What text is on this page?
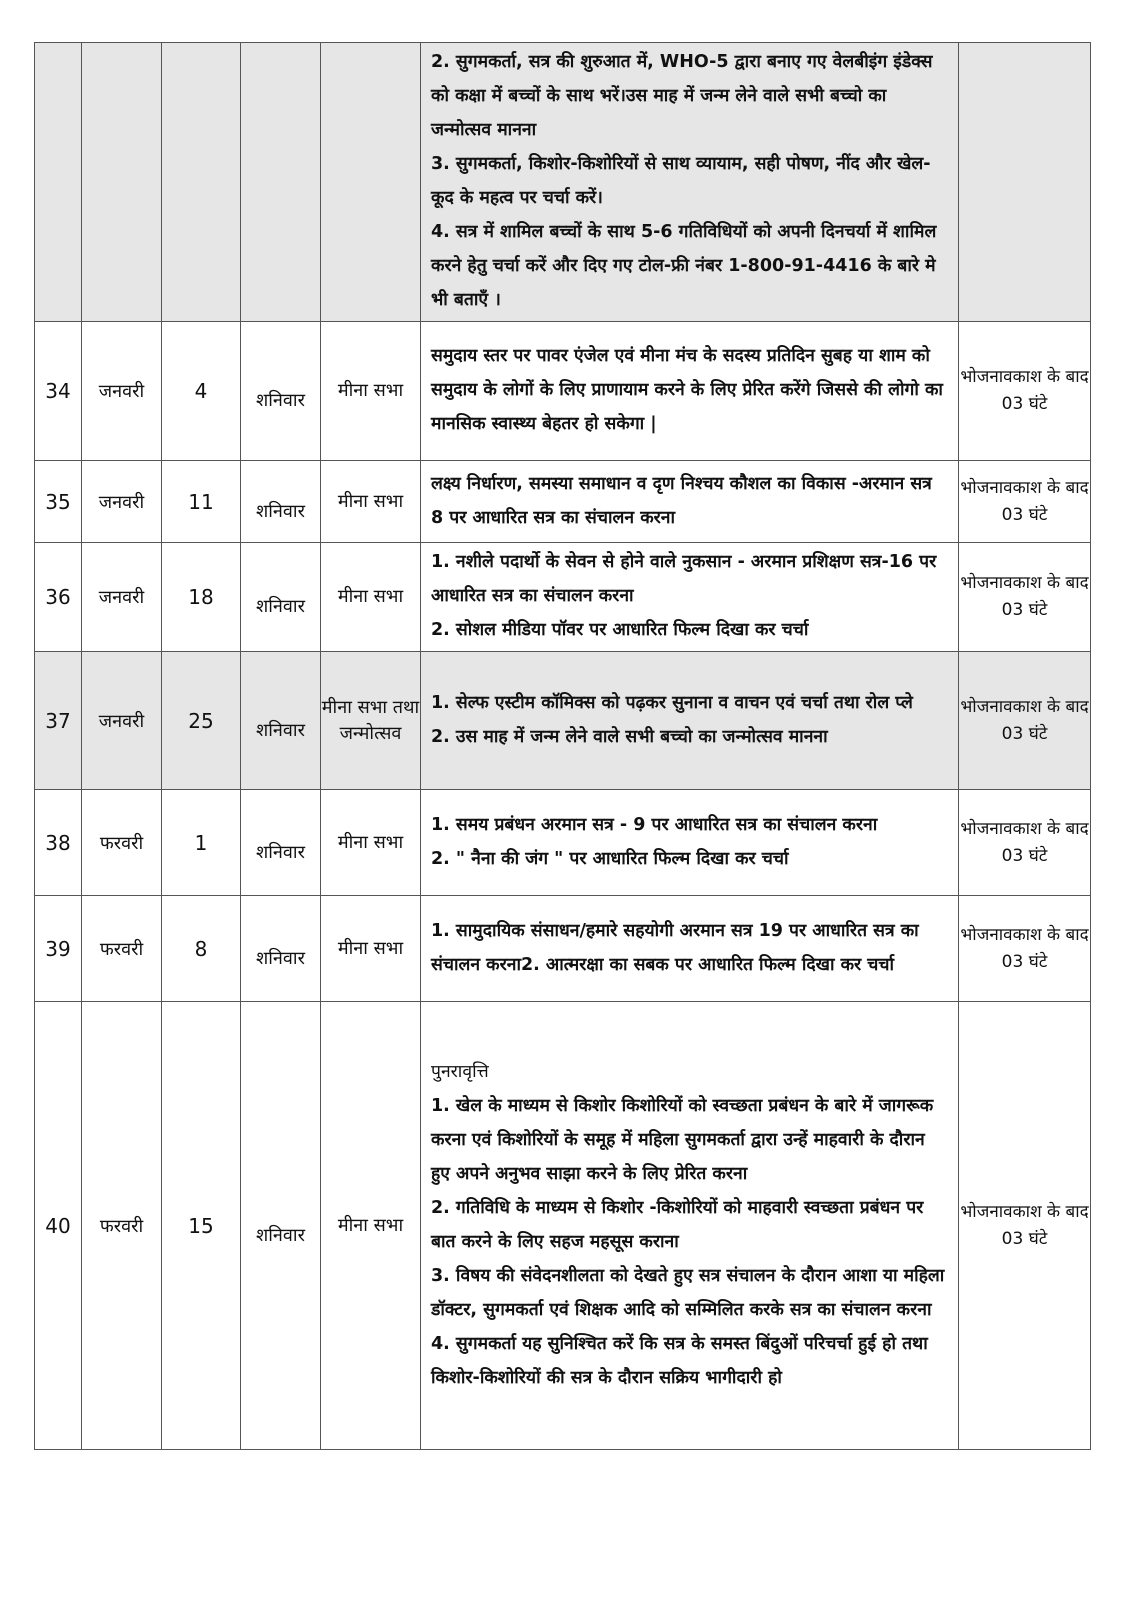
					2. सुगमकर्ता, सत्र की शुरुआत में, WHO-5 द्वारा बनाए गए वेलबीइंग इंडेक्स को कक्षा में बच्चों के साथ भरें।उस माह में जन्म लेने वाले सभी बच्चो का जन्मोत्सव मानना
3. सुगमकर्ता, किशोर-किशोरियों से साथ व्यायाम, सही पोषण, नींद और खेल-कूद के महत्व पर चर्चा करें।
4. सत्र में शामिल बच्चों के साथ 5-6 गतिविधियों को अपनी दिनचर्या में शामिल करने हेतु चर्चा करें और दिए गए टोल-फ्री नंबर 1-800-91-4416 के बारे मे भी बताएँ ।	

34	जनवरी	4	शनिवार	मीना सभा	समुदाय स्तर पर पावर एंजेल एवं मीना मंच के सदस्य प्रतिदिन सुबह या शाम को समुदाय के लोगों के लिए प्राणायाम करने के लिए प्रेरित करेंगे जिससे की लोगो का मानसिक स्वास्थ्य बेहतर हो सकेगा |	भोजनावकाश के बाद 03 घंटे
35	जनवरी	11	शनिवार	मीना सभा	लक्ष्य निर्धारण, समस्या समाधान व दृण निश्चय कौशल का विकास -अरमान सत्र 8 पर आधारित सत्र का संचालन करना	भोजनावकाश के बाद 03 घंटे
36	जनवरी	18	शनिवार	मीना सभा	1. नशीले पदार्थो के सेवन से होने वाले नुकसान - अरमान प्रशिक्षण सत्र-16 पर आधारित सत्र का संचालन करना
2. सोशल मीडिया पॉवर पर आधारित फिल्म दिखा कर चर्चा	भोजनावकाश के बाद 03 घंटे
37	जनवरी	25	शनिवार	मीना सभा तथा जन्मोत्सव	1. सेल्फ एस्टीम कॉमिक्स को पढ़कर सुनाना व वाचन एवं चर्चा तथा रोल प्ले
2. उस माह में जन्म लेने वाले सभी बच्चो का जन्मोत्सव मानना	भोजनावकाश के बाद 03 घंटे
38	फरवरी	1	शनिवार	मीना सभा	1. समय प्रबंधन अरमान सत्र - 9 पर आधारित सत्र का संचालन करना
2. " नैना की जंग " पर आधारित फिल्म दिखा कर चर्चा	भोजनावकाश के बाद 03 घंटे
39	फरवरी	8	शनिवार	मीना सभा	1. सामुदायिक संसाधन/हमारे सहयोगी अरमान सत्र 19 पर आधारित सत्र का संचालन करना2. आत्मरक्षा का सबक पर आधारित फिल्म दिखा कर चर्चा	भोजनावकाश के बाद 03 घंटे
40	फरवरी	15	शनिवार	मीना सभा	पुनरावृत्ति
1. खेल के माध्यम से किशोर किशोरियों को स्वच्छता प्रबंधन के बारे में जागरूक करना एवं किशोरियों के समूह में महिला सुगमकर्ता द्वारा उन्हें माहवारी के दौरान हुए अपने अनुभव साझा करने के लिए प्रेरित करना
2. गतिविधि के माध्यम से किशोर -किशोरियों को माहवारी स्वच्छता प्रबंधन पर बात करने के लिए सहज महसूस कराना
3. विषय की संवेदनशीलता को देखते हुए सत्र संचालन के दौरान आशा या महिला डॉक्टर, सुगमकर्ता एवं शिक्षक आदि को सम्मिलित करके सत्र का संचालन करना
4. सुगमकर्ता यह सुनिश्चित करें कि सत्र के समस्त बिंदुओं परिचर्चा हुई हो तथा किशोर-किशोरियों की सत्र के दौरान सक्रिय भागीदारी हो	भोजनावकाश के बाद 03 घंटे
